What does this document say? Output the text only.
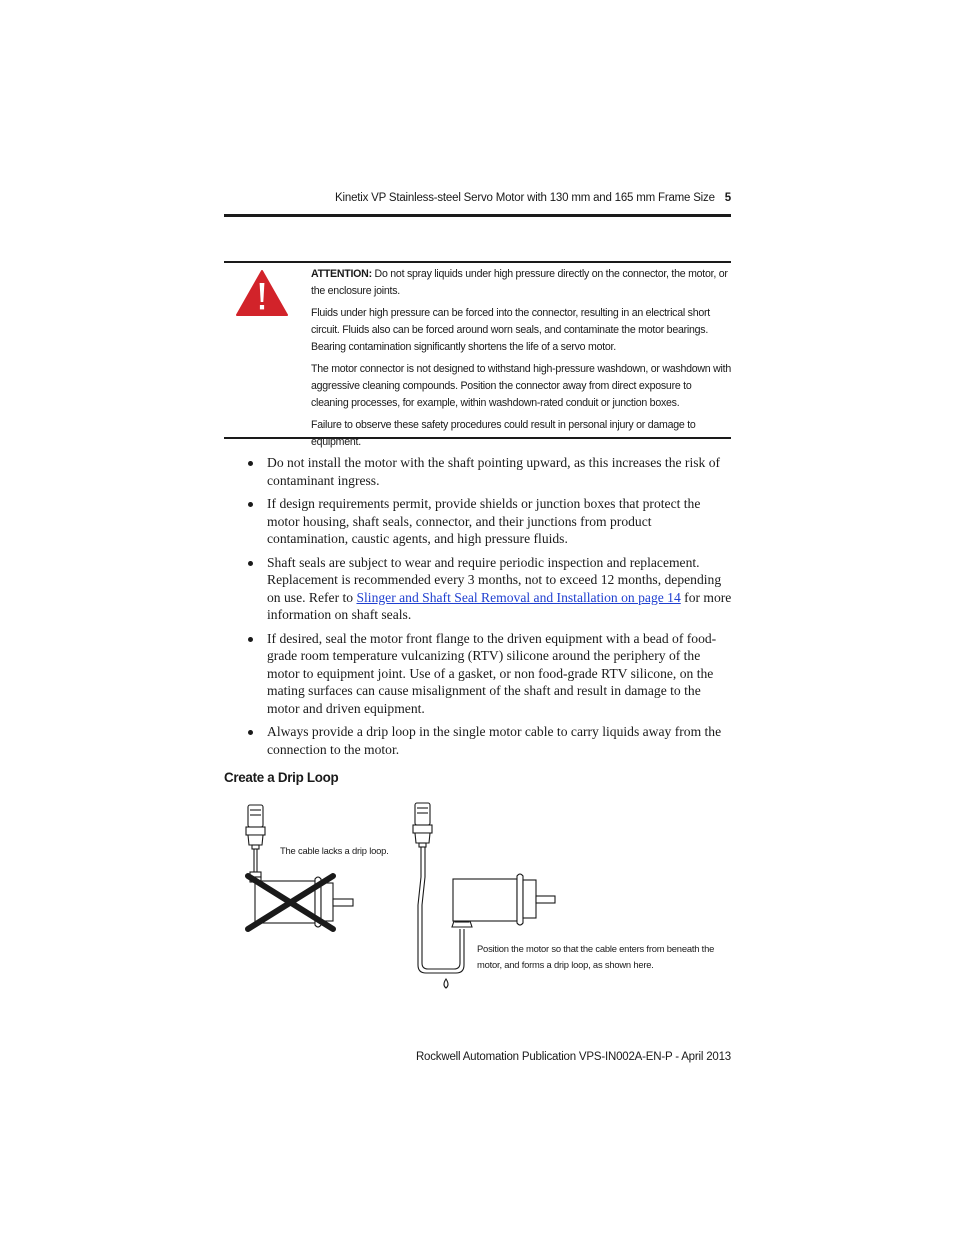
Kinetix VP Stainless-steel Servo Motor with 130 mm and 165 mm Frame Size 5

ATTENTION: Do not spray liquids under high pressure directly on the connector, the motor, or the enclosure joints.

Fluids under high pressure can be forced into the connector, resulting in an electrical short circuit. Fluids also can be forced around worn seals, and contaminate the motor bearings. Bearing contamination significantly shortens the life of a servo motor.

The motor connector is not designed to withstand high-pressure washdown, or washdown with aggressive cleaning compounds. Position the connector away from direct exposure to cleaning processes, for example, within washdown-rated conduit or junction boxes.

Failure to observe these safety procedures could result in personal injury or damage to equipment.

Do not install the motor with the shaft pointing upward, as this increases the risk of contaminant ingress.
If design requirements permit, provide shields or junction boxes that protect the motor housing, shaft seals, connector, and their junctions from product contamination, caustic agents, and high pressure fluids.
Shaft seals are subject to wear and require periodic inspection and replacement. Replacement is recommended every 3 months, not to exceed 12 months, depending on use. Refer to Slinger and Shaft Seal Removal and Installation on page 14 for more information on shaft seals.
If desired, seal the motor front flange to the driven equipment with a bead of food-grade room temperature vulcanizing (RTV) silicone around the periphery of the motor to equipment joint. Use of a gasket, or non food-grade RTV silicone, on the mating surfaces can cause misalignment of the shaft and result in damage to the motor and driven equipment.
Always provide a drip loop in the single motor cable to carry liquids away from the connection to the motor.
Create a Drip Loop
The cable lacks a drip loop.
Position the motor so that the cable enters from beneath the motor, and forms a drip loop, as shown here.
Rockwell Automation Publication VPS-IN002A-EN-P - April 2013
